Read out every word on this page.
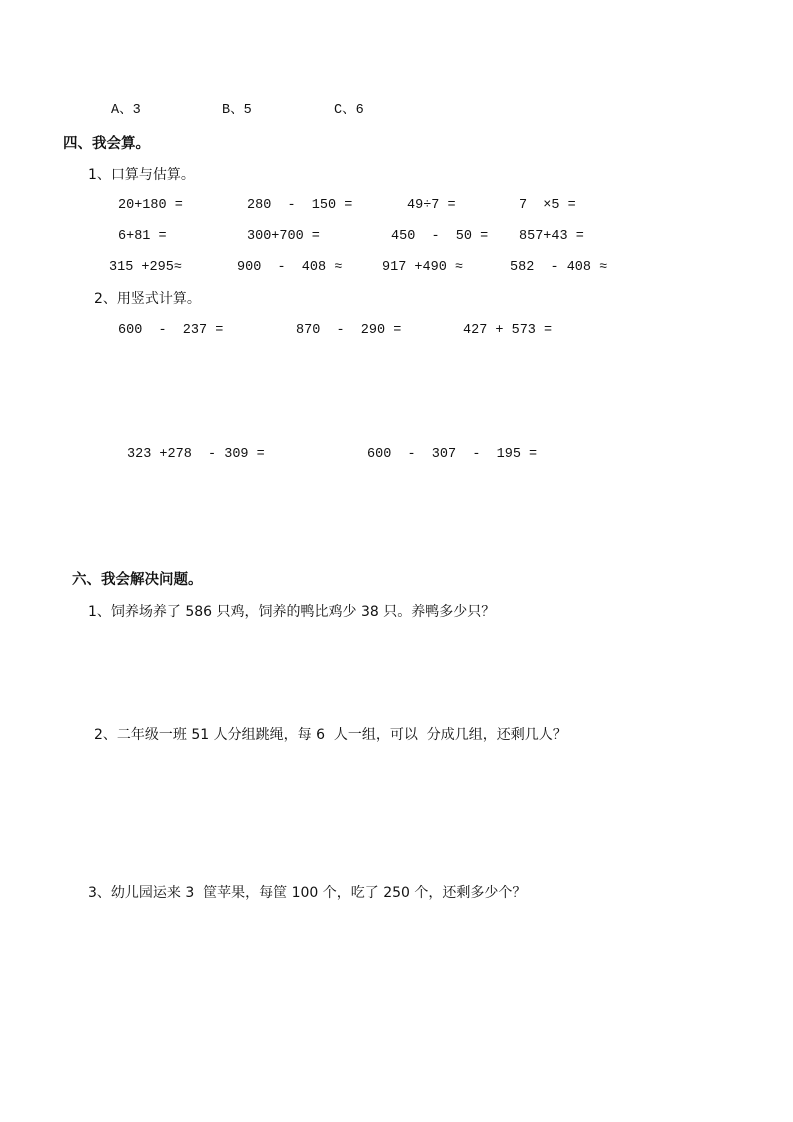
A、3	B、5	C、6
四、我会算。
1、口算与估算。
20+180 =	280  -  150 =	49÷7 =	7  ×5 =
6+81 =	300+700 =	450  -  50 = 857+43 =
315 +295≈	900  -  408 ≈	917 +490 ≈	582  - 408 ≈
2、用竖式计算。
600  -  237 =	870  -  290 =	427 + 573 =
323 +278  - 309 =	600  -  307  -  195 =
六、我会解决问题。
1、饲养场养了 586 只鸡，饲养的鸭比鸡少 38 只。养鸭多少只？
2、二年级一班 51 人分组跳绳，每 6  人一组，可以  分成几组，还剩几人？
3、幼儿园运来 3  筐苹果，每筐 100 个，吃了 250 个，还剩多少个？
